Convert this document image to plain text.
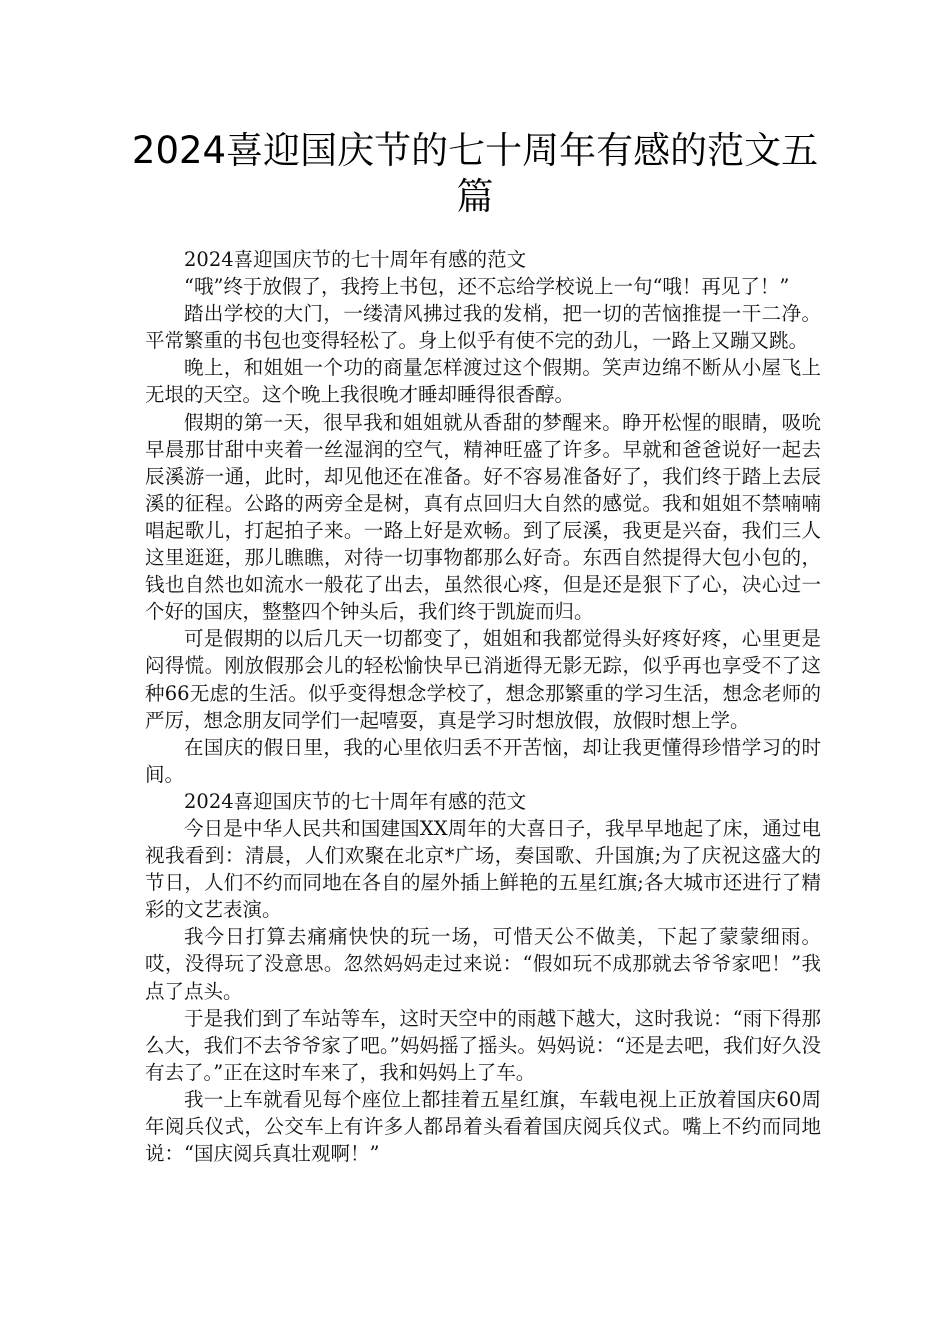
2024喜迎国庆节的七十周年有感的范文五篇

2024喜迎国庆节的七十周年有感的范文

“哦”终于放假了，我挎上书包，还不忘给学校说上一句“哦！再见了！”

踏出学校的大门，一缕清风拂过我的发梢，把一切的苦恼推提一干二净。平常繁重的书包也变得轻松了。身上似乎有使不完的劲儿，一路上又蹦又跳。

晚上，和姐姐一个功的商量怎样渡过这个假期。笑声边绵不断从小屋飞上无垠的天空。这个晚上我很晚才睡却睡得很香醇。

假期的第一天，很早我和姐姐就从香甜的梦醒来。睁开松惺的眼睛，吸吮早晨那甘甜中夹着一丝湿润的空气，精神旺盛了许多。早就和爸爸说好一起去辰溪游一通，此时，却见他还在准备。好不容易准备好了，我们终于踏上去辰溪的征程。公路的两旁全是树，真有点回归大自然的感觉。我和姐姐不禁喃喃唱起歌儿，打起拍子来。一路上好是欢畅。到了辰溪，我更是兴奋，我们三人这里逛逛，那儿瞧瞧，对待一切事物都那么好奇。东西自然提得大包小包的，钱也自然也如流水一般花了出去，虽然很心疼，但是还是狠下了心，决心过一个好的国庆，整整四个钟头后，我们终于凯旋而归。

可是假期的以后几天一切都变了，姐姐和我都觉得头好疼好疼，心里更是闷得慌。刚放假那会儿的轻松愉快早已消逝得无影无踪，似乎再也享受不了这种66无虑的生活。似乎变得想念学校了，想念那繁重的学习生活，想念老师的严厉，想念朋友同学们一起嘻耍，真是学习时想放假，放假时想上学。

在国庆的假日里，我的心里依归丢不开苦恼，却让我更懂得珍惜学习的时间。

2024喜迎国庆节的七十周年有感的范文

今日是中华人民共和国建国XX周年的大喜日子，我早早地起了床，通过电视我看到：清晨，人们欢聚在北京*广场，奏国歌、升国旗;为了庆祝这盛大的节日，人们不约而同地在各自的屋外插上鲜艳的五星红旗;各大城市还进行了精彩的文艺表演。

我今日打算去痛痛快快的玩一场，可惜天公不做美，下起了蒙蒙细雨。哎，没得玩了没意思。忽然妈妈走过来说：“假如玩不成那就去爷爷家吧！”我点了点头。

于是我们到了车站等车，这时天空中的雨越下越大，这时我说：“雨下得那么大，我们不去爷爷家了吧。”妈妈摇了摇头。妈妈说：“还是去吧，我们好久没有去了。”正在这时车来了，我和妈妈上了车。

我一上车就看见每个座位上都挂着五星红旗，车载电视上正放着国庆60周年阅兵仪式，公交车上有许多人都昂着头看着国庆阅兵仪式。嘴上不约而同地说：“国庆阅兵真壮观啊！”
